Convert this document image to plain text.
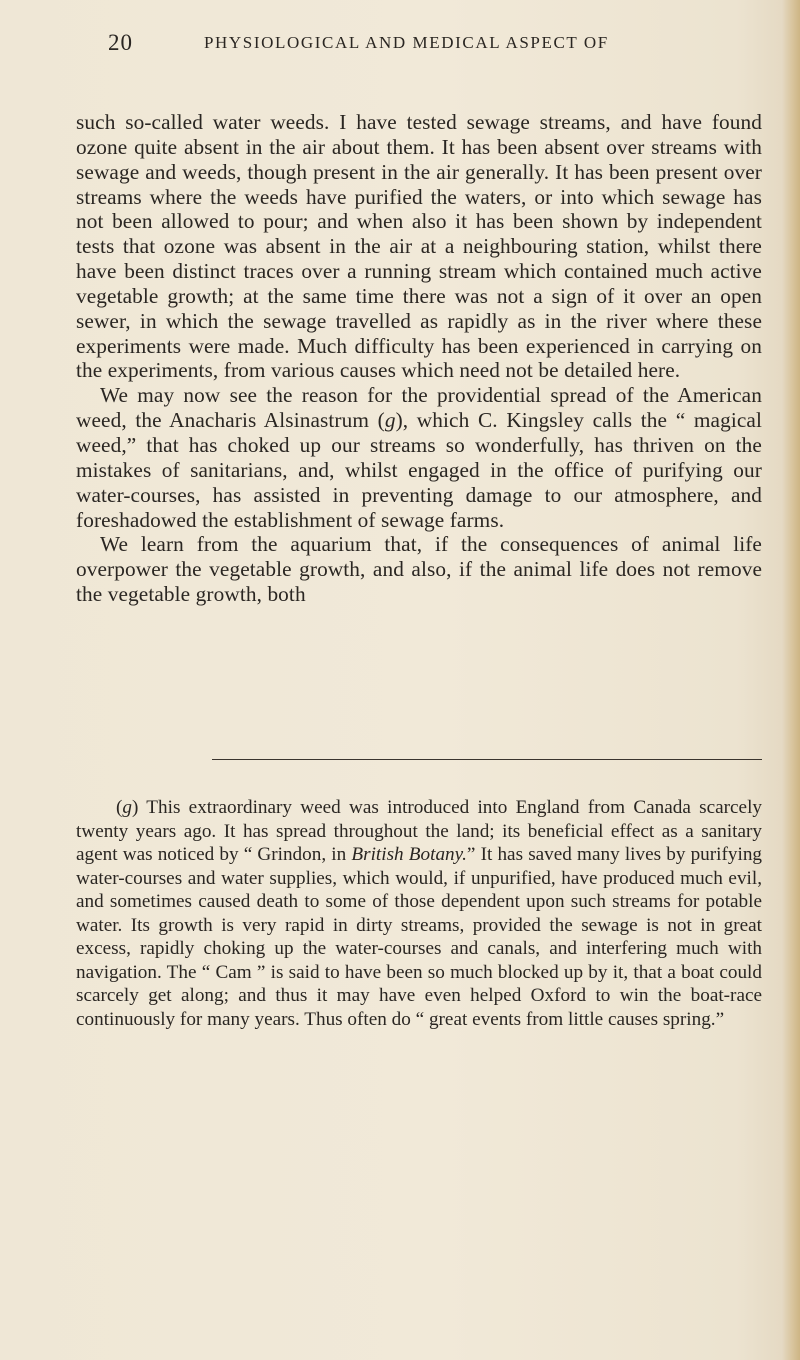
20	PHYSIOLOGICAL AND MEDICAL ASPECT OF

such so-called water weeds. I have tested sewage streams, and have found ozone quite absent in the air about them. It has been absent over streams with sewage and weeds, though present in the air generally. It has been present over streams where the weeds have purified the waters, or into which sewage has not been allowed to pour; and when also it has been shown by independent tests that ozone was absent in the air at a neighbouring station, whilst there have been distinct traces over a running stream which contained much active vegetable growth; at the same time there was not a sign of it over an open sewer, in which the sewage travelled as rapidly as in the river where these experiments were made. Much difficulty has been experienced in carrying on the experiments, from various causes which need not be detailed here.

We may now see the reason for the providential spread of the American weed, the Anacharis Alsinastrum (g), which C. Kingsley calls the “ magical weed,” that has choked up our streams so wonderfully, has thriven on the mistakes of sanitarians, and, whilst engaged in the office of purifying our water-courses, has assisted in preventing damage to our atmosphere, and foreshadowed the establishment of sewage farms.

We learn from the aquarium that, if the consequences of animal life overpower the vegetable growth, and also, if the animal life does not remove the vegetable growth, both

(g) This extraordinary weed was introduced into England from Canada scarcely twenty years ago. It has spread throughout the land; its beneficial effect as a sanitary agent was noticed by “ Grindon, in British Botany.” It has saved many lives by purifying water-courses and water supplies, which would, if unpurified, have produced much evil, and sometimes caused death to some of those dependent upon such streams for potable water. Its growth is very rapid in dirty streams, provided the sewage is not in great excess, rapidly choking up the water-courses and canals, and interfering much with navigation. The “ Cam ” is said to have been so much blocked up by it, that a boat could scarcely get along; and thus it may have even helped Oxford to win the boat-race continuously for many years. Thus often do “ great events from little causes spring.”
